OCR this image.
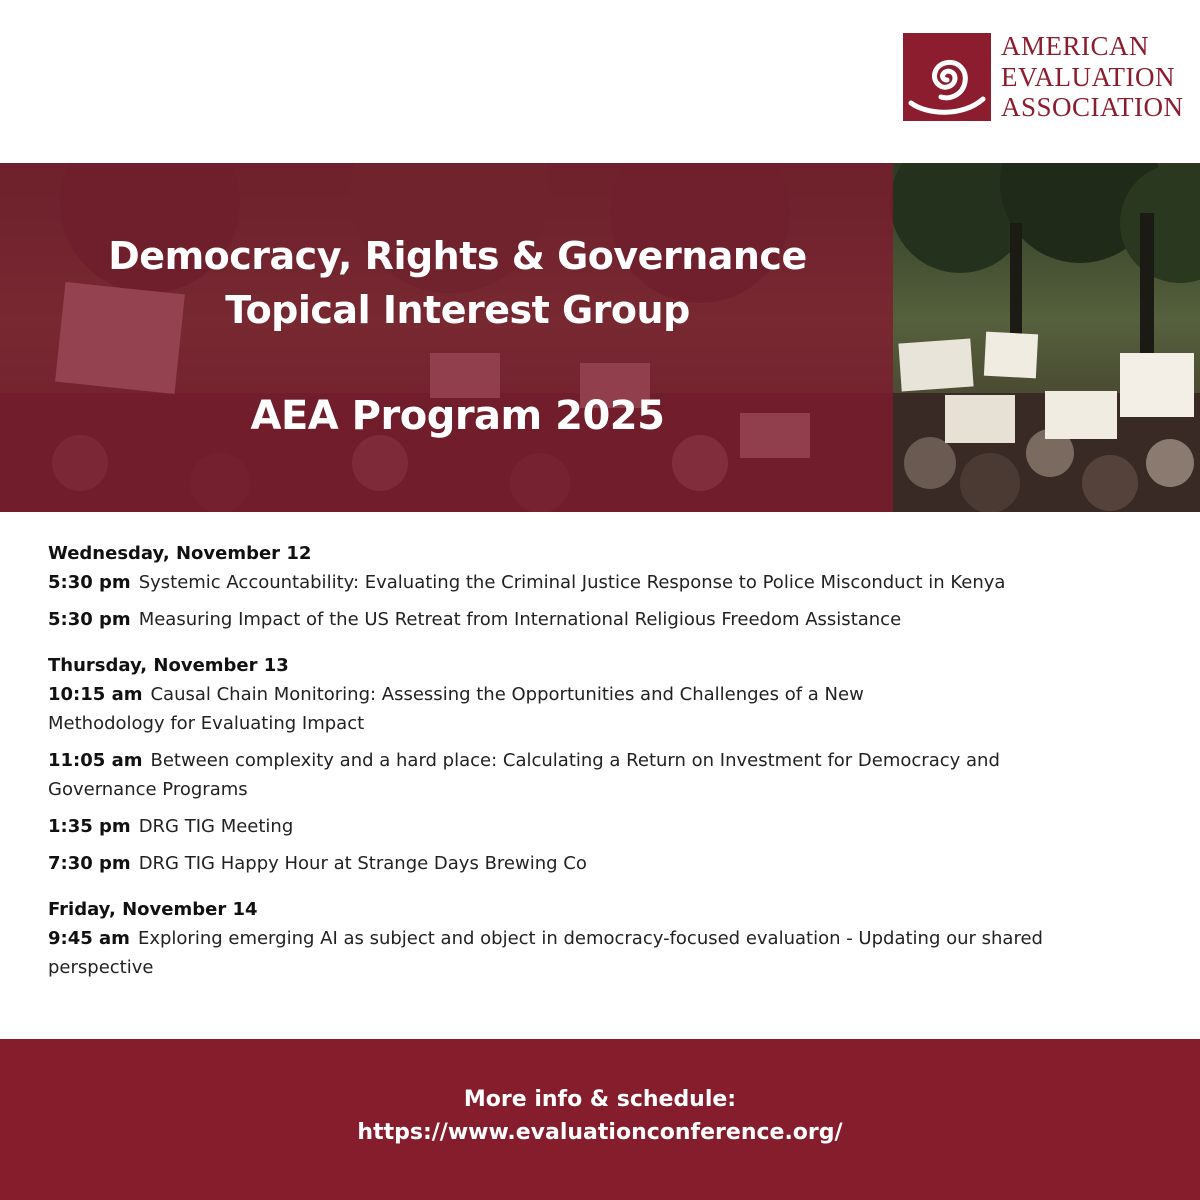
AMERICAN
EVALUATION
ASSOCIATION
Democracy, Rights & Governance
Topical Interest Group
AEA Program 2025

Wednesday, November 12

5:30 pm Systemic Accountability: Evaluating the Criminal Justice Response to Police Misconduct in Kenya

5:30 pm Measuring Impact of the US Retreat from International Religious Freedom Assistance

Thursday, November 13

10:15 am Causal Chain Monitoring: Assessing the Opportunities and Challenges of a New Methodology for Evaluating Impact

11:05 am Between complexity and a hard place: Calculating a Return on Investment for Democracy and Governance Programs

1:35 pm DRG TIG Meeting

7:30 pm DRG TIG Happy Hour at Strange Days Brewing Co

Friday, November 14

9:45 am Exploring emerging AI as subject and object in democracy-focused evaluation - Updating our shared perspective

More info & schedule:
https://www.evaluationconference.org/
